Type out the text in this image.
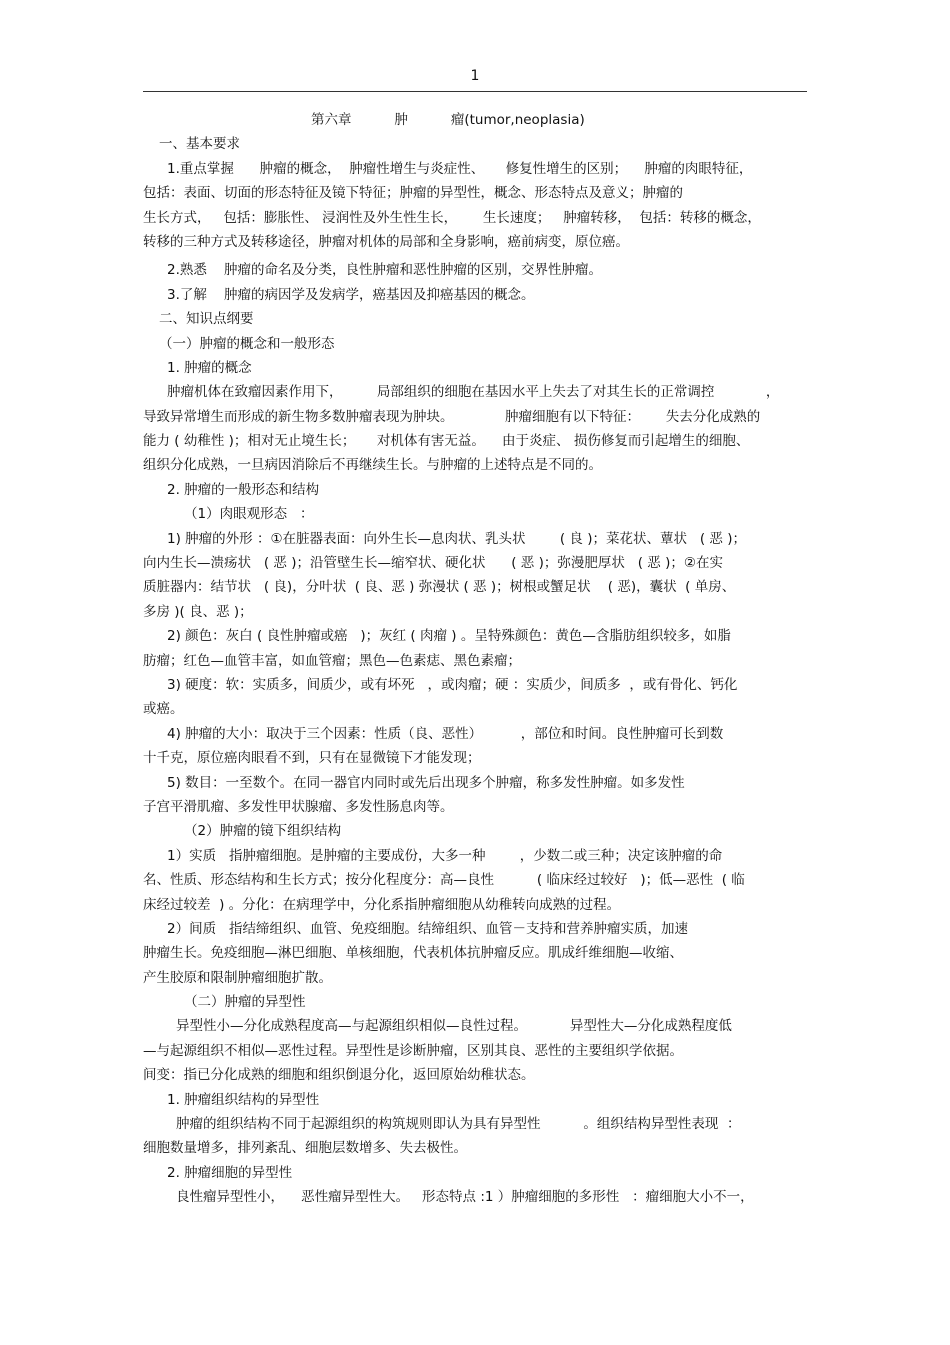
1
第六章          肿          瘤(tumor,neoplasia)
一、基本要求
1.重点掌握      肿瘤的概念，  肿瘤性增生与炎症性、     修复性增生的区别；    肿瘤的肉眼特征，
包括：表面、切面的形态特征及镜下特征；肿瘤的异型性，概念、形态特点及意义；肿瘤的
生长方式，   包括：膨胀性、 浸润性及外生性生长，      生长速度；   肿瘤转移，  包括：转移的概念，
转移的三种方式及转移途径，肿瘤对机体的局部和全身影响，癌前病变，原位癌。
2.熟悉    肿瘤的命名及分类，良性肿瘤和恶性肿瘤的区别，交界性肿瘤。
3.了解    肿瘤的病因学及发病学，癌基因及抑癌基因的概念。
二、知识点纲要
（一）肿瘤的概念和一般形态
1. 肿瘤的概念
肿瘤机体在致瘤因素作用下，        局部组织的细胞在基因水平上失去了对其生长的正常调控            ，
导致异常增生而形成的新生物多数肿瘤表现为肿块。            肿瘤细胞有以下特征：      失去分化成熟的
能力 ( 幼稚性 )；相对无止境生长；     对机体有害无益。    由于炎症、 损伤修复而引起增生的细胞、
组织分化成熟，一旦病因消除后不再继续生长。与肿瘤的上述特点是不同的。
2. 肿瘤的一般形态和结构
（1）肉眼观形态   ：
1) 肿瘤的外形 ：①在脏器表面：向外生长—息肉状、乳头状        ( 良 )；菜花状、蕈状   ( 恶 )；
向内生长—溃疡状   ( 恶 )；沿管壁生长—缩窄状、硬化状      ( 恶 )；弥漫肥厚状   ( 恶 )；②在实
质脏器内：结节状   ( 良)，分叶状  ( 良、恶 ) 弥漫状 ( 恶 )；树根或蟹足状    ( 恶)，囊状  ( 单房、
多房 )( 良、恶 )；
2) 颜色：灰白 ( 良性肿瘤或癌   )；灰红 ( 肉瘤 ) 。呈特殊颜色：黄色—含脂肪组织较多，如脂
肪瘤；红色—血管丰富，如血管瘤；黑色—色素痣、黑色素瘤；
3) 硬度：软：实质多，间质少，或有坏死   ，或肉瘤；硬 ：实质少，间质多  ，或有骨化、钙化
或癌。
4) 肿瘤的大小：取决于三个因素：性质（良、恶性）         ，部位和时间。良性肿瘤可长到数
十千克，原位癌肉眼看不到，只有在显微镜下才能发现；
5) 数目：一至数个。在同一器官内同时或先后出现多个肿瘤，称多发性肿瘤。如多发性
子宫平滑肌瘤、多发性甲状腺瘤、多发性肠息肉等。
（2）肿瘤的镜下组织结构
1）实质   指肿瘤细胞。是肿瘤的主要成份，大多一种        ，少数二或三种；决定该肿瘤的命
名、性质、形态结构和生长方式；按分化程度分：高—良性          ( 临床经过较好   )；低—恶性  ( 临
床经过较差  ) 。分化：在病理学中，分化系指肿瘤细胞从幼稚转向成熟的过程。
2）间质   指结缔组织、血管、免疫细胞。结缔组织、血管－支持和营养肿瘤实质，加速
肿瘤生长。免疫细胞—淋巴细胞、单核细胞，代表机体抗肿瘤反应。肌成纤维细胞—收缩、
产生胶原和限制肿瘤细胞扩散。
（二）肿瘤的异型性
异型性小—分化成熟程度高—与起源组织相似—良性过程。          异型性大—分化成熟程度低
—与起源组织不相似—恶性过程。异型性是诊断肿瘤，区别其良、恶性的主要组织学依据。
间变：指已分化成熟的细胞和组织倒退分化，返回原始幼稚状态。
1. 肿瘤组织结构的异型性
肿瘤的组织结构不同于起源组织的构筑规则即认为具有异型性          。组织结构异型性表现  ：
细胞数量增多，排列紊乱、细胞层数增多、失去极性。
2. 肿瘤细胞的异型性
良性瘤异型性小，    恶性瘤异型性大。   形态特点 :1 ）肿瘤细胞的多形性   ：瘤细胞大小不一，
